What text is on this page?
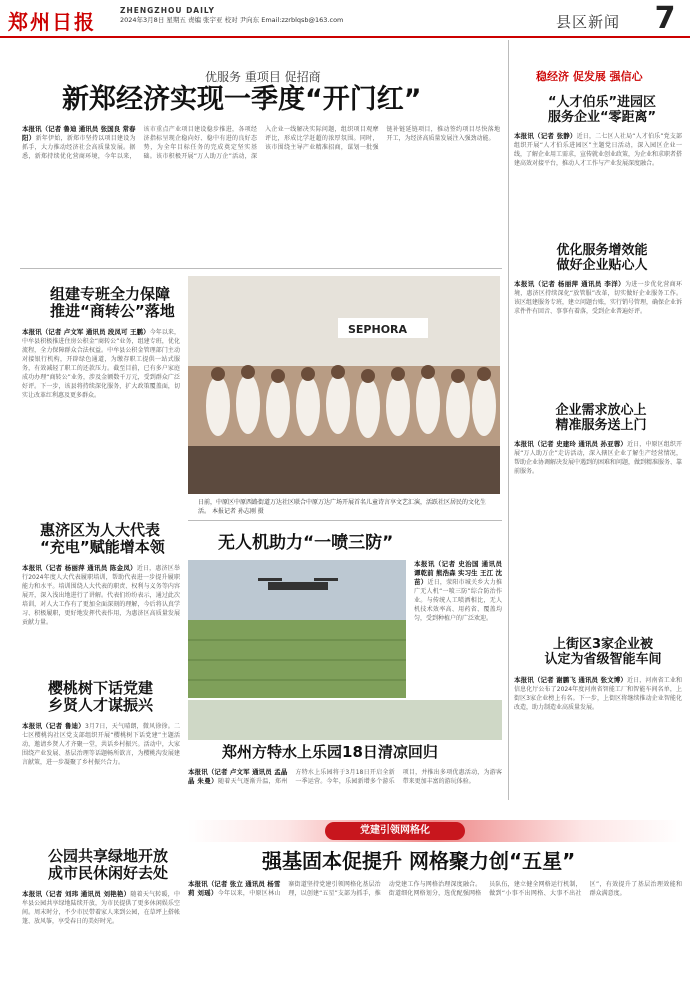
郑州日报	ZHENGZHOU DAILY
2024年3月8日 星期五 责编 张宇亚 校对 尹向东 Email:zzrblqsb@163.com	县区新闻 7
优服务 重项目 促招商
新郑经济实现一季度“开门红”
本报讯（记者 鲁迪 通讯员 张国良 常春阳）新年伊始，新郑市坚持以项目建设为抓手，大力推动经济社会高质量发展。据悉，新郑持续优化营商环境，今年以来，该市重点产业项目建设稳步推进，各项经济指标呈现企稳向好、稳中有进的良好态势，为全年目标任务的完成奠定坚实基础。该市积极开展“万人助万企”活动，深入企业一线解决实际问题，组织项目观摩评比，形成比学赶超的浓厚氛围。同时，该市围绕主导产业精准招商，谋划一批强链补链延链项目，推动签约项目尽快落地开工，为经济高质量发展注入强劲动能。
稳经济 促发展 强信心
组建专班全力保障
推进“商转公”落地
本报讯（记者 卢文军 通讯员 段凤可 王鹏）今年以来，中牟县积极推进住房公积金“商转公”业务，组建专班，优化流程，全力保障群众合法权益。中牟县公积金管理部门主动对接银行机构，开辟绿色通道，为缴存职工提供一站式服务，有效减轻了职工的还款压力。截至目前，已有多户家庭成功办理“商转公”业务，涉及金额数千万元，受到群众广泛好评。下一步，该县将持续深化服务，扩大政策覆盖面，切实让改革红利惠及更多群众。
SEPHORA
日前，中原区中原西路街道万达社区联合中原万达广场开展首名儿童诗言享文艺汇演，活跃社区居民的文化生活。 本报记者 孙志刚 摄
惠济区为人大代表
“充电”赋能增本领
本报讯（记者 杨丽萍 通讯员 陈金凤）近日，惠济区举行2024年度人大代表履职培训，帮助代表进一步提升履职能力和水平。培训围绕人大代表的职责、权利与义务等内容展开，深入浅出地进行了讲解。代表们纷纷表示，通过此次培训，对人大工作有了更加全面深刻的理解，今后将认真学习、积极履职，更好地发挥代表作用，为惠济区高质量发展贡献力量。
无人机助力“一喷三防”
本报讯（记者 史治国 通讯员 谭乾前 熊浩森 实习生 王江 沈苗）近日，荥阳市城关乡大力推广无人机“一喷三防”综合防治作业。与传统人工喷洒相比，无人机技术效率高、用药省、覆盖均匀，受到种植户的广泛欢迎。
樱桃树下话党建
乡贤人才谋振兴
本报讯（记者 鲁迪）3月7日，天气晴朗，微风徐徐。二七区樱桃沟社区党支部组织开展“樱桃树下话党建”主题活动，邀请乡贤人才齐聚一堂，共话乡村振兴。活动中，大家围绕产业发展、基层治理等话题畅所欲言，为樱桃沟发展建言献策，进一步凝聚了乡村振兴合力。
郑州方特水上乐园18日清凉回归
本报讯（记者 卢文军 通讯员 孟晶晶 朱曼）随着天气逐渐升温，郑州方特水上乐园将于3月18日开启全新一季运营。今年，乐园新增多个游乐项目，并推出多项优惠活动，为游客带来更加丰富的游玩体验。
公园共享绿地开放
成市民休闲好去处
本报讯（记者 刘玮 通讯员 刘艳艳）随着天气转暖，中牟县公园共享绿地陆续开放，为市民提供了更多休闲娱乐空间。周末时分，不少市民带着家人来到公园，在草坪上搭帐篷、放风筝，享受春日的美好时光。
“人才伯乐”进园区
服务企业“零距离”
本报讯（记者 张静）近日，二七区人社局“人才伯乐”党支部组织开展“人才伯乐进园区”主题党日活动，深入园区企业一线，了解企业用工需求，宣传就业创业政策，为企业和求职者搭建高效对接平台，推动人才工作与产业发展深度融合。
优化服务增效能
做好企业贴心人
本报讯（记者 杨丽萍 通讯员 李洋）为进一步优化营商环境，惠济区持续深化“放管服”改革，切实做好企业服务工作。该区组建服务专班，建立问题台账，实行销号管理，确保企业诉求件件有回音、事事有着落，受到企业普遍好评。
企业需求放心上
精准服务送上门
本报讯（记者 史建玲 通讯员 孙亚蓉）近日，中原区组织开展“万人助万企”走访活动，深入辖区企业了解生产经营情况，帮助企业协调解决发展中遇到的困难和问题，做到精准服务、靠前服务。
上街区3家企业被
认定为省级智能车间
本报讯（记者 谢鹏飞 通讯员 张文博）近日，河南省工业和信息化厅公布了2024年度河南省智能工厂和智能车间名单，上街区3家企业榜上有名。下一步，上街区将继续推动企业智能化改造，助力制造业高质量发展。
党建引领网格化
强基固本促提升 网格聚力创“五星”
本报讯（记者 张立 通讯员 杨雪莉 刘瑶）今年以来，中原区林山寨街道坚持党建引领网格化基层治理，以创建“五星”支部为抓手，推动党建工作与网格治理深度融合。街道细化网格划分，选优配强网格员队伍，建立健全网格运行机制，做到“小事不出网格、大事不出社区”，有效提升了基层治理效能和群众满意度。
